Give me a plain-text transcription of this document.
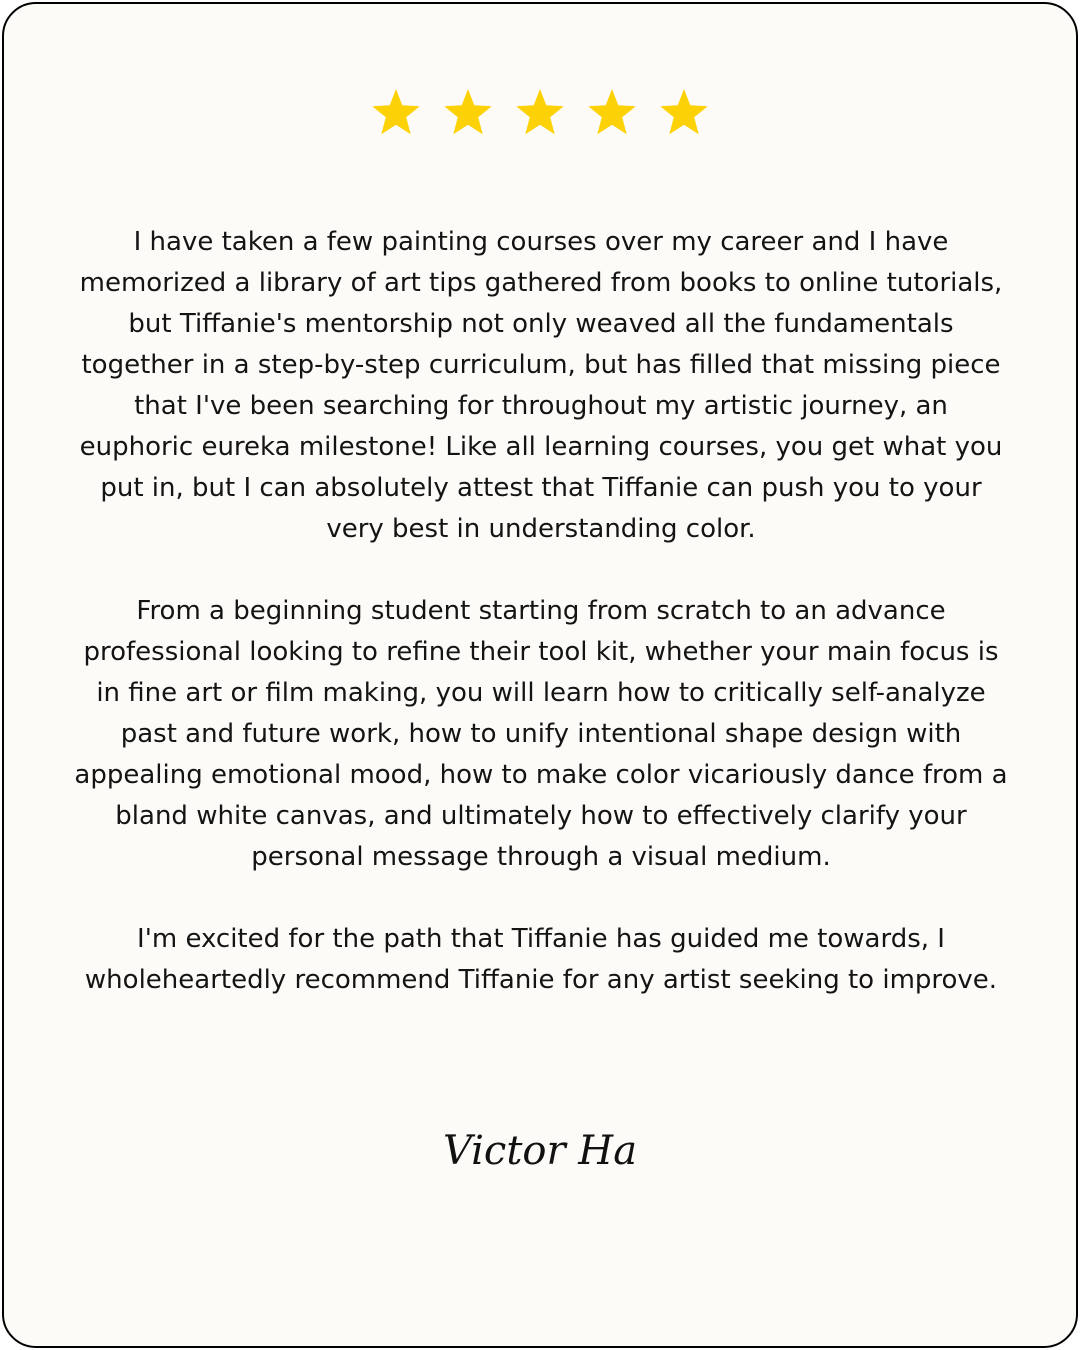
I have taken a few painting courses over my career and I have memorized a library of art tips gathered from books to online tutorials, but Tiffanie's mentorship not only weaved all the fundamentals together in a step-by-step curriculum, but has filled that missing piece that I've been searching for throughout my artistic journey, an euphoric eureka milestone! Like all learning courses, you get what you put in, but I can absolutely attest that Tiffanie can push you to your very best in understanding color.

From a beginning student starting from scratch to an advance professional looking to refine their tool kit, whether your main focus is in fine art or film making, you will learn how to critically self-analyze past and future work, how to unify intentional shape design with appealing emotional mood, how to make color vicariously dance from a bland white canvas, and ultimately how to effectively clarify your personal message through a visual medium.

I'm excited for the path that Tiffanie has guided me towards, I wholeheartedly recommend Tiffanie for any artist seeking to improve.

Victor Ha
